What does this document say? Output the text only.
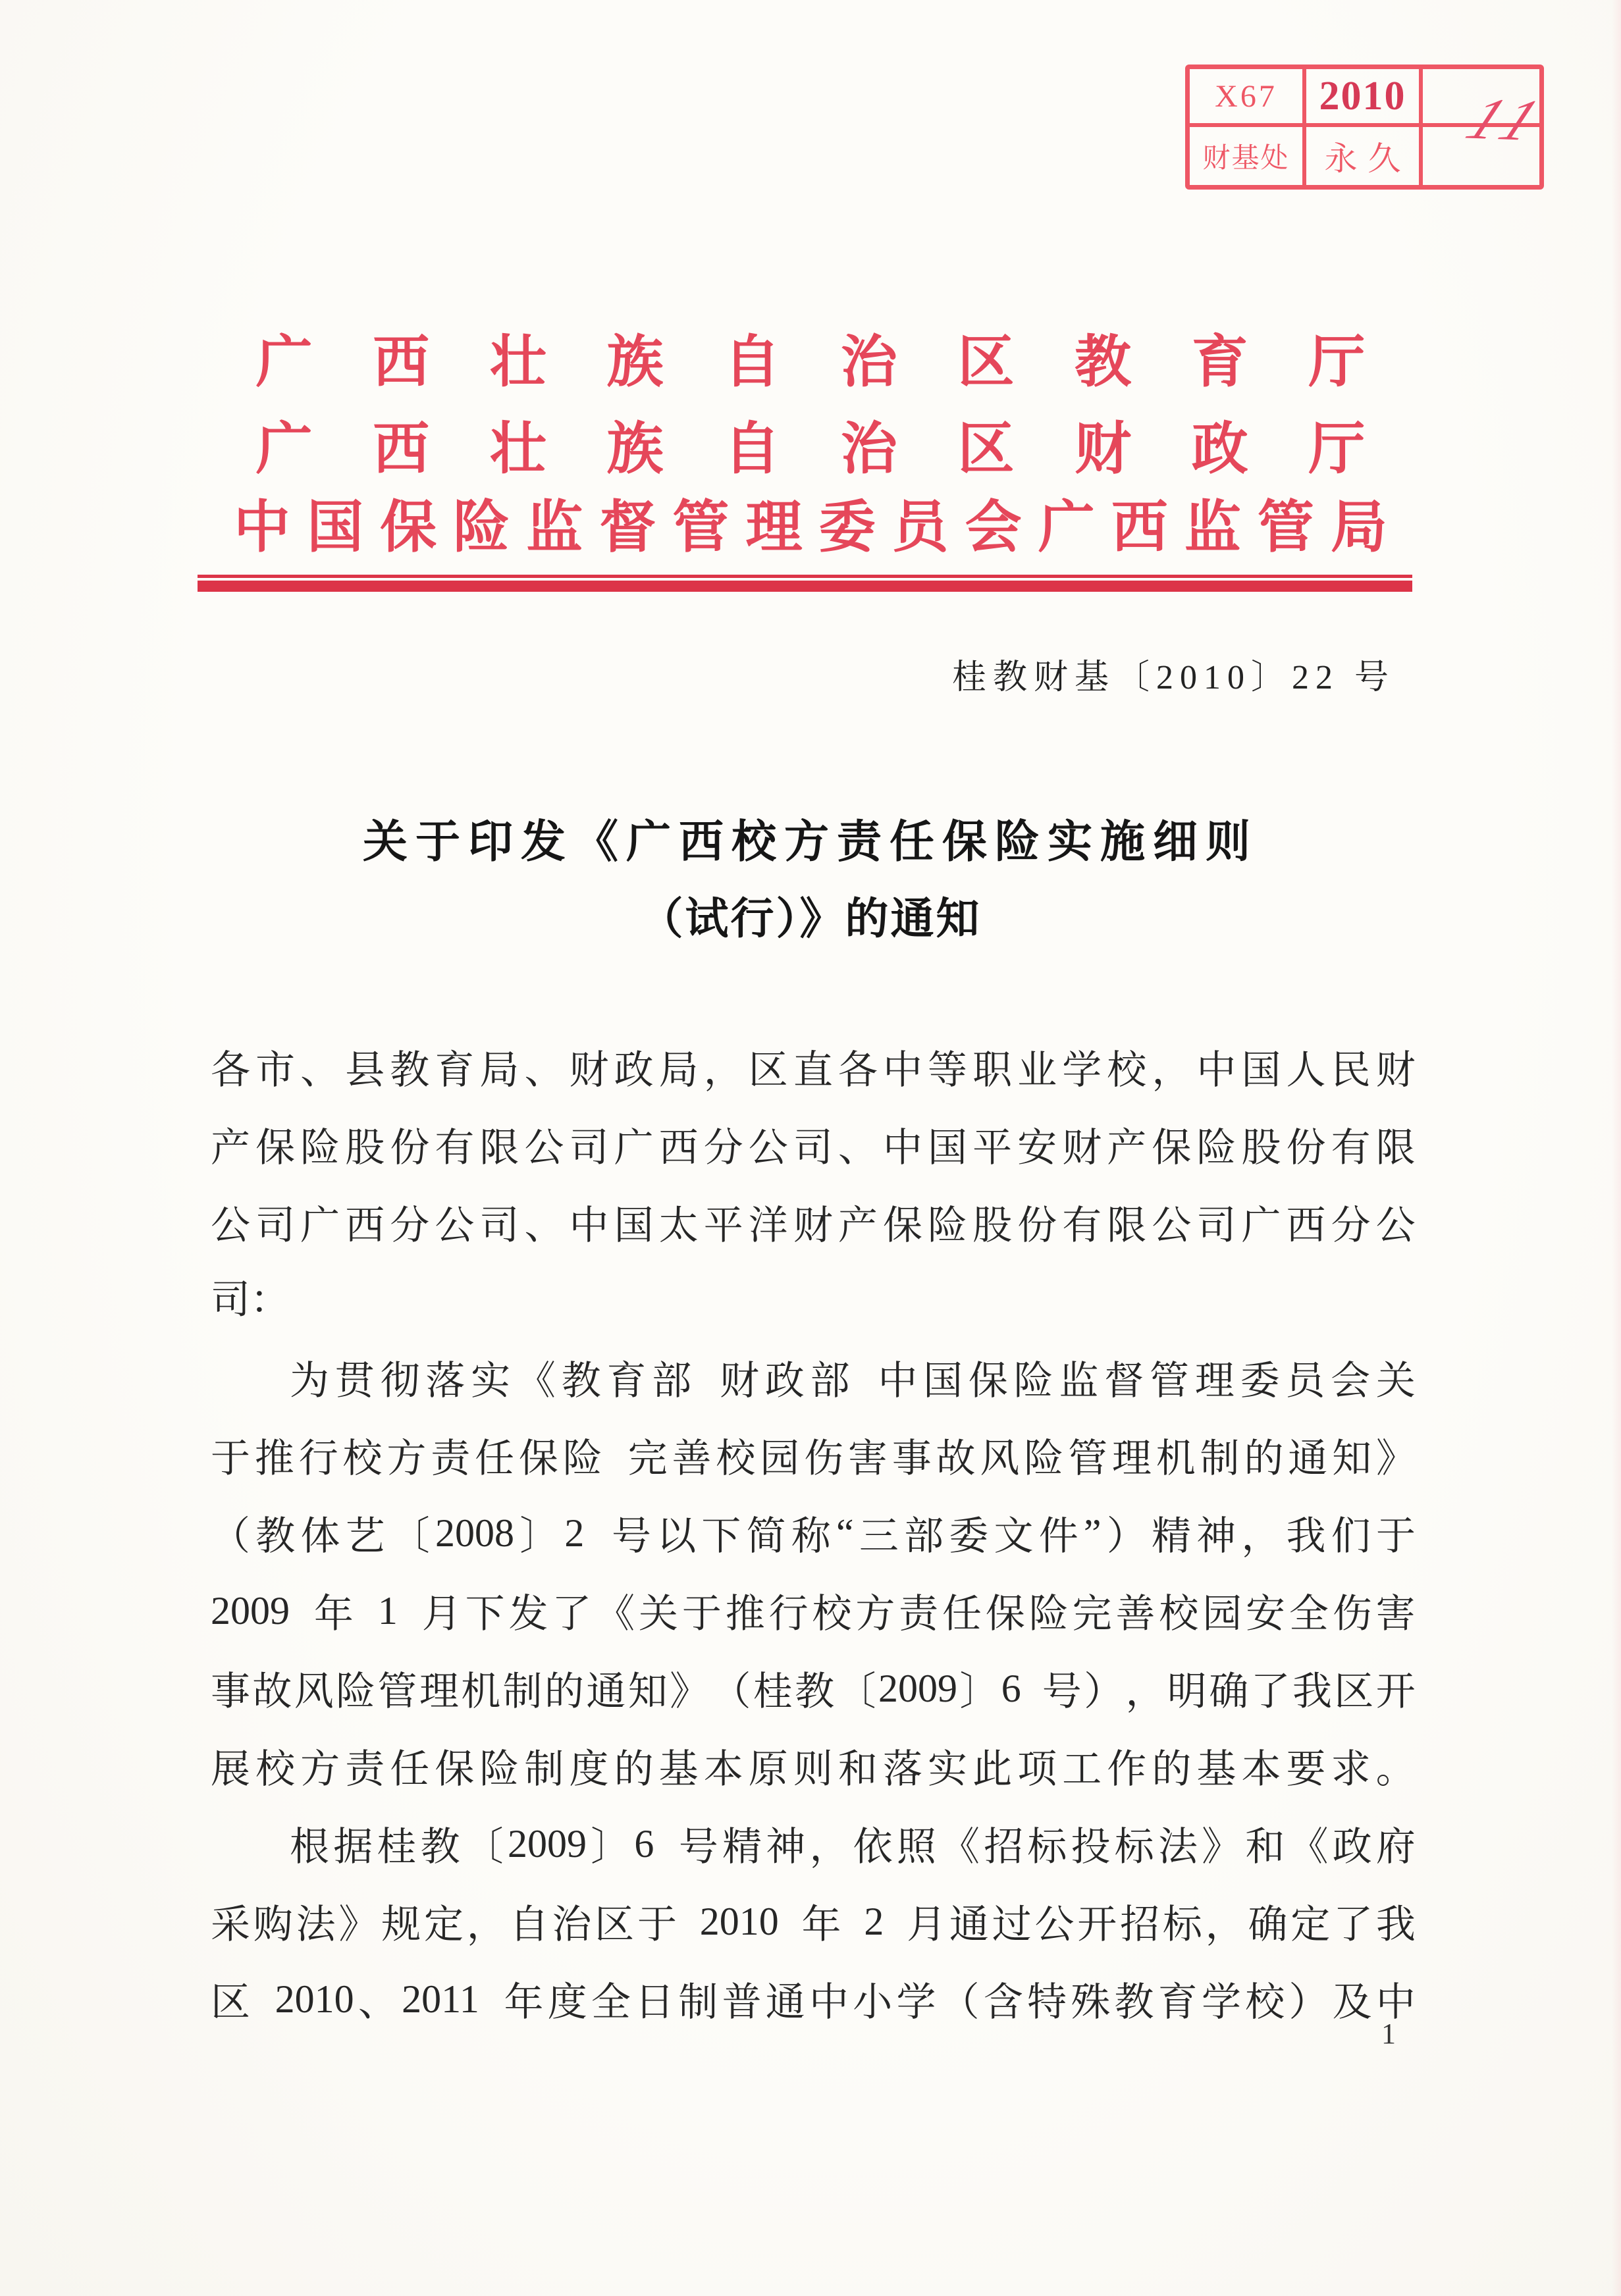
X67 2010
财基处	永久
11
广 西 壮 族 自 治 区 教 育 厅
广 西 壮 族 自 治 区 财 政 厅
中 国 保 险 监 督 管 理 委 员 会 广 西 监 管 局
桂教财基〔2010〕22 号
关于印发《广西校方责任保险实施细则
（试行）》的通知
各 市 、 县 教 育 局 、 财 政 局 ， 区 直 各 中 等 职 业 学 校 ， 中 国 人 民 财
产 保 险 股 份 有 限 公 司 广 西 分 公 司 、 中 国 平 安 财 产 保 险 股 份 有 限
公 司 广 西 分 公 司 、 中 国 太 平 洋 财 产 保 险 股 份 有 限 公 司 广 西 分 公
司：
为 贯 彻 落 实 《 教 育 部 财 政 部 中 国 保 险 监 督 管 理 委 员 会 关
于 推 行 校 方 责 任 保 险 完 善 校 园 伤 害 事 故 风 险 管 理 机 制 的 通 知 》
（ 教 体 艺 〔 2008 〕 2 号 以 下 简 称 “ 三 部 委 文 件 ” ） 精 神 ， 我 们 于
2009 年 1 月 下 发 了 《 关 于 推 行 校 方 责 任 保 险 完 善 校 园 安 全 伤 害
事 故 风 险 管 理 机 制 的 通 知 》 （ 桂 教 〔 2009 〕 6 号 ） ， 明 确 了 我 区 开
展 校 方 责 任 保 险 制 度 的 基 本 原 则 和 落 实 此 项 工 作 的 基 本 要 求 。
根 据 桂 教 〔 2009 〕 6 号 精 神 ， 依 照 《 招 标 投 标 法 》 和 《 政 府
采 购 法 》 规 定 ， 自 治 区 于 2010 年 2 月 通 过 公 开 招 标 ， 确 定 了 我
区 2010 、 2011 年 度 全 日 制 普 通 中 小 学 （ 含 特 殊 教 育 学 校 ） 及 中
1
